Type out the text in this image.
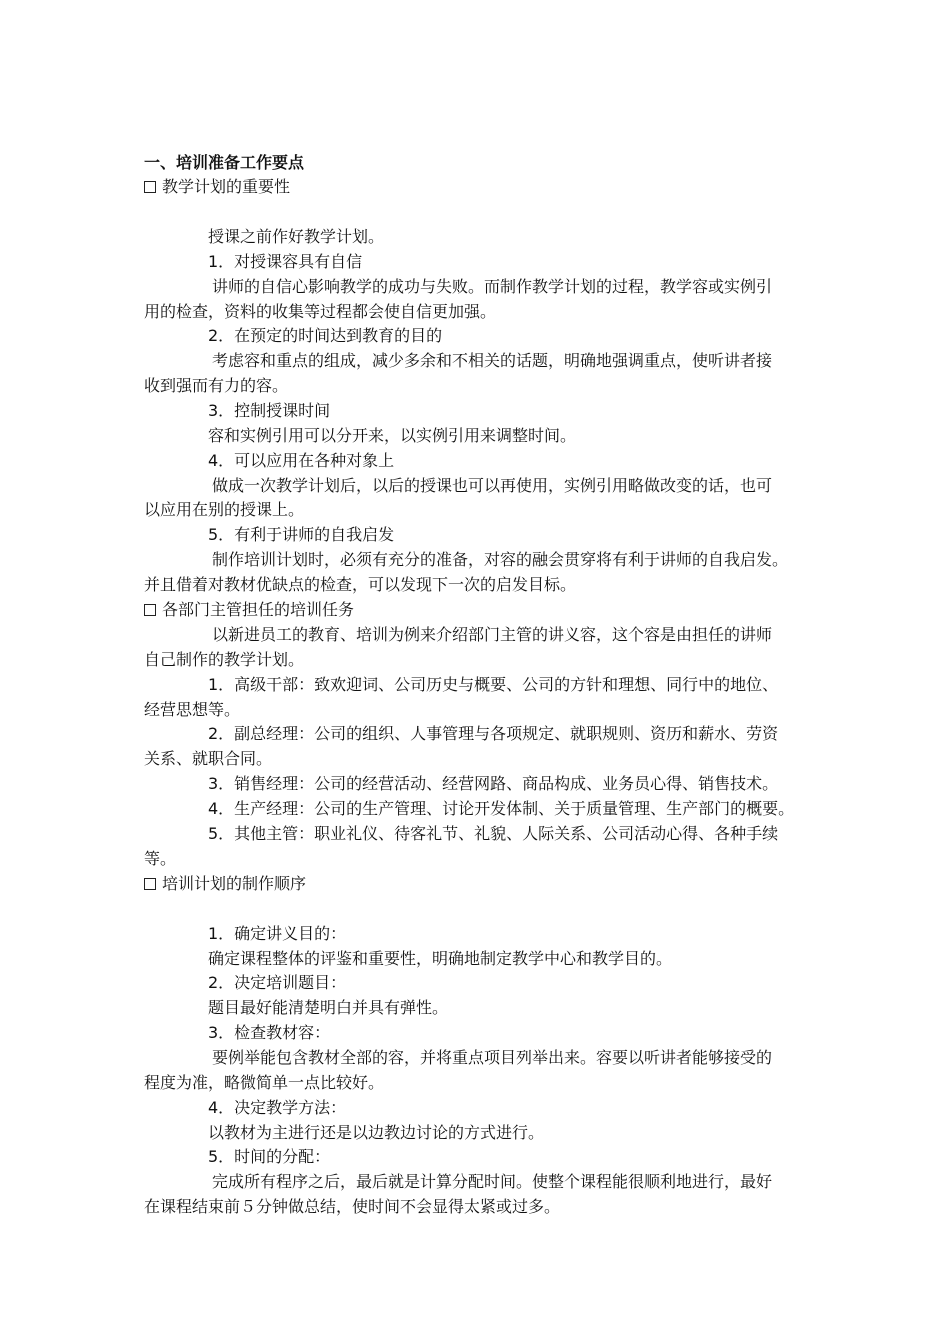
一、培训准备工作要点
教学计划的重要性
授课之前作好教学计划。
1．对授课容具有自信
讲师的自信心影响教学的成功与失败。而制作教学计划的过程，教学容或实例引
用的检查，资料的收集等过程都会使自信更加强。
2．在预定的时间达到教育的目的
考虑容和重点的组成，减少多余和不相关的话题，明确地强调重点，使听讲者接
收到强而有力的容。
3．控制授课时间
容和实例引用可以分开来，以实例引用来调整时间。
4．可以应用在各种对象上
做成一次教学计划后，以后的授课也可以再使用，实例引用略做改变的话，也可
以应用在别的授课上。
5．有利于讲师的自我启发
制作培训计划时，必须有充分的准备，对容的融会贯穿将有利于讲师的自我启发。
并且借着对教材优缺点的检查，可以发现下一次的启发目标。
各部门主管担任的培训任务
以新进员工的教育、培训为例来介绍部门主管的讲义容，这个容是由担任的讲师
自己制作的教学计划。
1．高级干部：致欢迎词、公司历史与概要、公司的方针和理想、同行中的地位、
经营思想等。
2．副总经理：公司的组织、人事管理与各项规定、就职规则、资历和薪水、劳资
关系、就职合同。
3．销售经理：公司的经营活动、经营网路、商品构成、业务员心得、销售技术。
4．生产经理：公司的生产管理、讨论开发体制、关于质量管理、生产部门的概要。
5．其他主管：职业礼仪、待客礼节、礼貌、人际关系、公司活动心得、各种手续
等。
培训计划的制作顺序
1．确定讲义目的：
确定课程整体的评鉴和重要性，明确地制定教学中心和教学目的。
2．决定培训题目：
题目最好能清楚明白并具有弹性。
3．检查教材容：
要例举能包含教材全部的容，并将重点项目列举出来。容要以听讲者能够接受的
程度为准，略微简单一点比较好。
4．决定教学方法：
以教材为主进行还是以边教边讨论的方式进行。
5．时间的分配：
完成所有程序之后，最后就是计算分配时间。使整个课程能很顺利地进行，最好
在课程结束前５分钟做总结，使时间不会显得太紧或过多。
